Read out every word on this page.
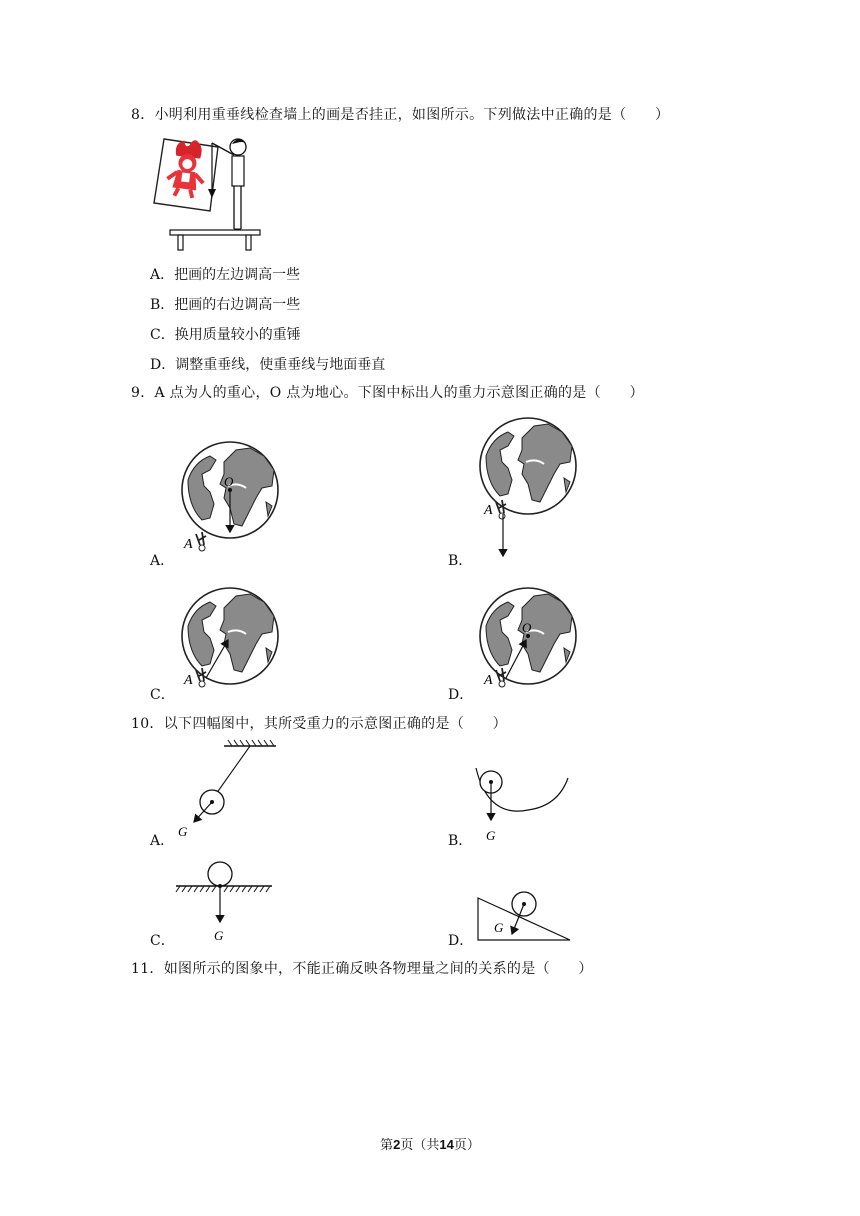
8．小明利用重垂线检查墙上的画是否挂正，如图所示。下列做法中正确的是（　　）
A．把画的左边调高一些
B．把画的右边调高一些
C．换用质量较小的重锤
D．调整重垂线，使重垂线与地面垂直
9．A 点为人的重心，O 点为地心。下图中标出人的重力示意图正确的是（　　）
O
A
A．
A
B．
A
C．
O
A
D．
10．以下四幅图中，其所受重力的示意图正确的是（　　）
G
A．	G
B．
G
C．
G
D．
11．如图所示的图象中，不能正确反映各物理量之间的关系的是（　　）
第2页（共14页）
